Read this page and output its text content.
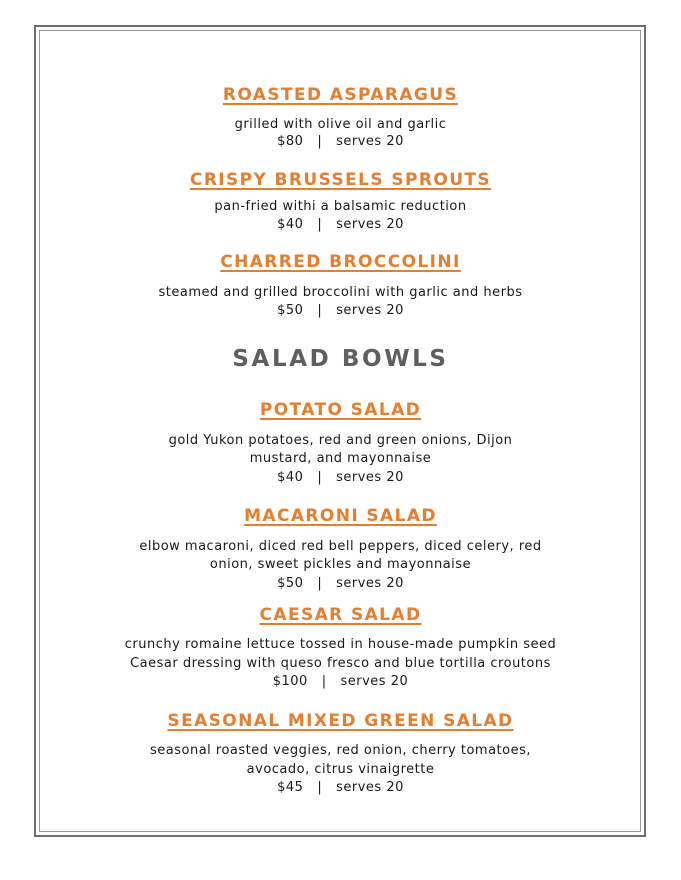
ROASTED ASPARAGUS
grilled with olive oil and garlic
$80   |   serves 20
CRISPY BRUSSELS SPROUTS
pan-fried withi a balsamic reduction
$40   |   serves 20
CHARRED BROCCOLINI
steamed and grilled broccolini with garlic and herbs
$50   |   serves 20
SALAD BOWLS
POTATO SALAD
gold Yukon potatoes, red and green onions, Dijon
mustard, and mayonnaise
$40   |   serves 20
MACARONI SALAD
elbow macaroni, diced red bell peppers, diced celery, red
onion, sweet pickles and mayonnaise
$50   |   serves 20
CAESAR SALAD
crunchy romaine lettuce tossed in house-made pumpkin seed
Caesar dressing with queso fresco and blue tortilla croutons
$100   |   serves 20
SEASONAL MIXED GREEN SALAD
seasonal roasted veggies, red onion, cherry tomatoes,
avocado, citrus vinaigrette
$45   |   serves 20
